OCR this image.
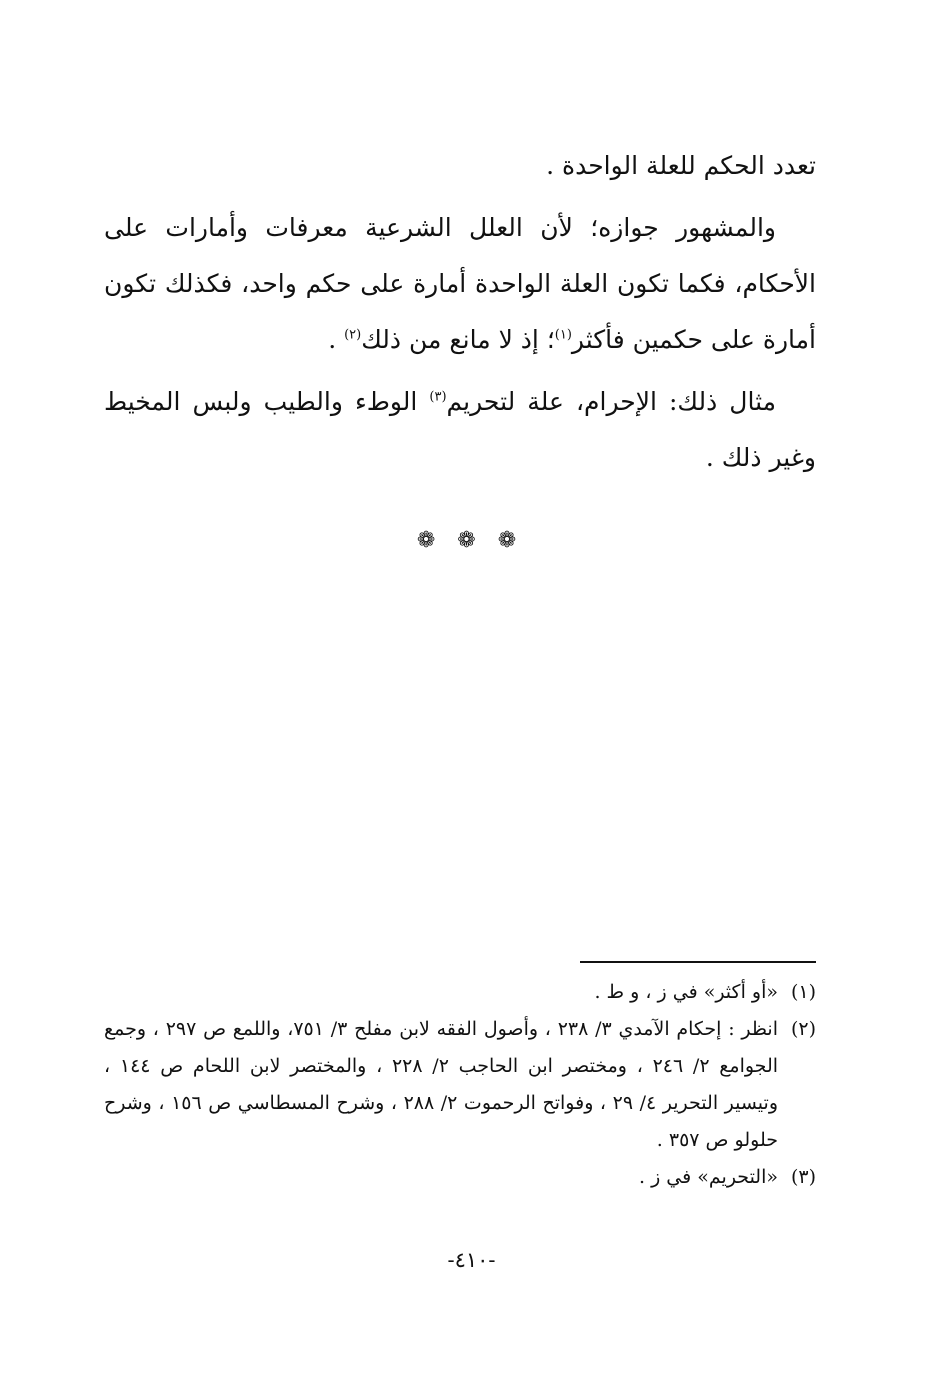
تعدد الحكم للعلة الواحدة .

والمشهور جوازه؛ لأن العلل الشرعية معرفات وأمارات على الأحكام، فكما تكون العلة الواحدة أمارة على حكم واحد، فكذلك تكون أمارة على حكمين فأكثر$^{(١)}$؛ إذ لا مانع من ذلك$^{(٢)}$ .

مثال ذلك: الإحرام، علة لتحريم$^{(٣)}$ الوطء والطيب ولبس المخيط وغير ذلك .

❁ ❁ ❁
(١)
«أو أكثر» في ز ، و ط .
(٢)
انظر : إحكام الآمدي ٣/ ٢٣٨ ، وأصول الفقه لابن مفلح ٣/ ٧٥١، واللمع ص ٢٩٧ ، وجمع الجوامع ٢/ ٢٤٦ ، ومختصر ابن الحاجب ٢/ ٢٢٨ ، والمختصر لابن اللحام ص ١٤٤ ، وتيسير التحرير ٤/ ٢٩ ، وفواتح الرحموت ٢/ ٢٨٨ ، وشرح المسطاسي ص ١٥٦ ، وشرح حلولو ص ٣٥٧ .
(٣)
«التحريم» في ز .
-٤١٠-
